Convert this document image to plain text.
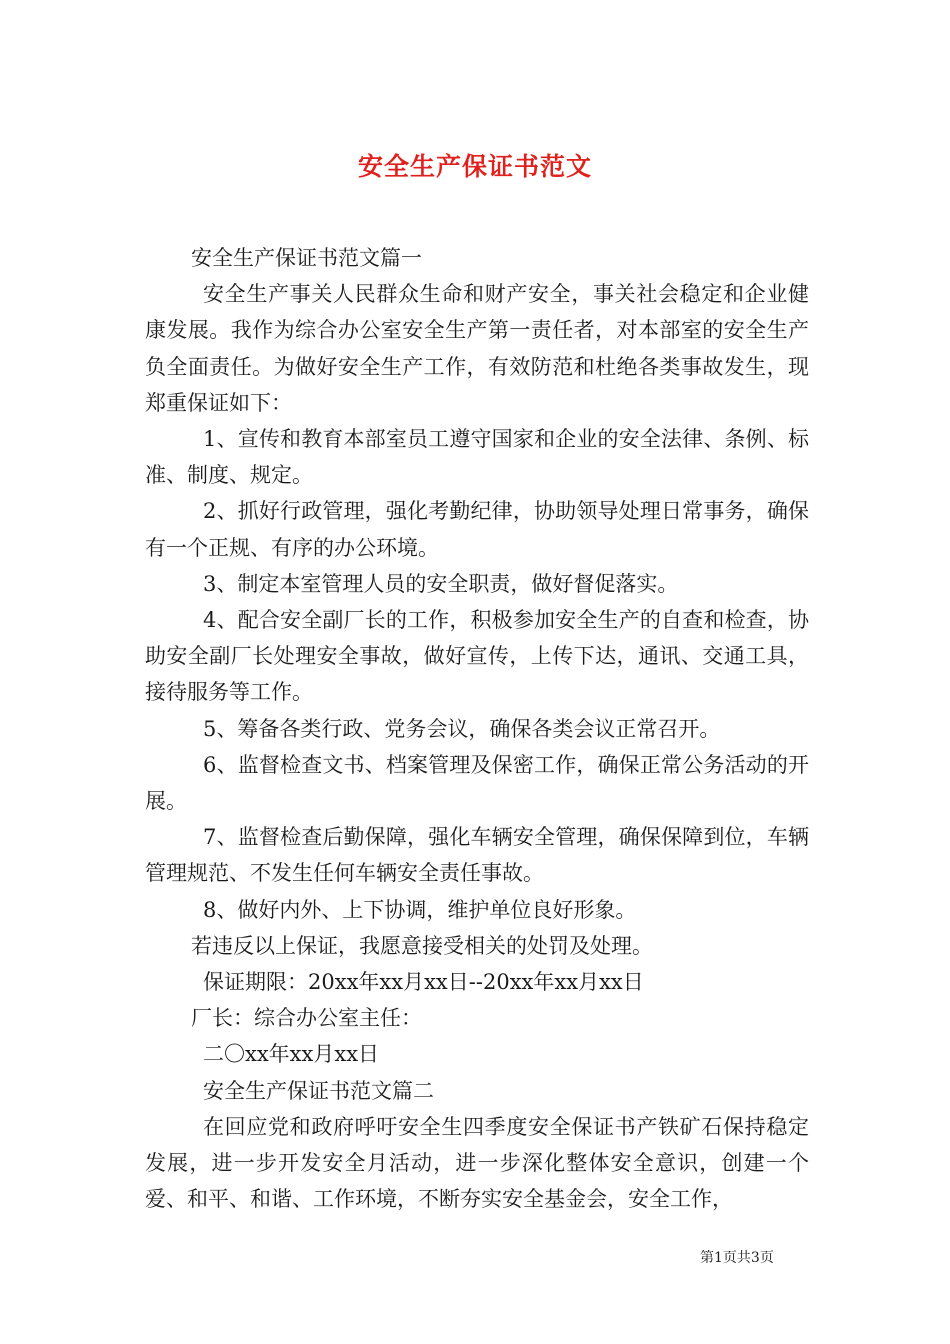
安全生产保证书范文

安全生产保证书范文篇一

安全生产事关人民群众生命和财产安全，事关社会稳定和企业健康发展。我作为综合办公室安全生产第一责任者，对本部室的安全生产负全面责任。为做好安全生产工作，有效防范和杜绝各类事故发生，现郑重保证如下：

1、宣传和教育本部室员工遵守国家和企业的安全法律、条例、标准、制度、规定。

2、抓好行政管理，强化考勤纪律，协助领导处理日常事务，确保有一个正规、有序的办公环境。

3、制定本室管理人员的安全职责，做好督促落实。

4、配合安全副厂长的工作，积极参加安全生产的自查和检查，协助安全副厂长处理安全事故，做好宣传，上传下达，通讯、交通工具，接待服务等工作。

5、筹备各类行政、党务会议，确保各类会议正常召开。

6、监督检查文书、档案管理及保密工作，确保正常公务活动的开展。

7、监督检查后勤保障，强化车辆安全管理，确保保障到位，车辆管理规范、不发生任何车辆安全责任事故。

8、做好内外、上下协调，维护单位良好形象。

若违反以上保证，我愿意接受相关的处罚及处理。

保证期限：20xx年xx月xx日--20xx年xx月xx日

厂长：综合办公室主任：

二〇xx年xx月xx日

安全生产保证书范文篇二

在回应党和政府呼吁安全生四季度安全保证书产铁矿石保持稳定发展，进一步开发安全月活动，进一步深化整体安全意识，创建一个爱、和平、和谐、工作环境，不断夯实安全基金会，安全工作，

第1页共3页
